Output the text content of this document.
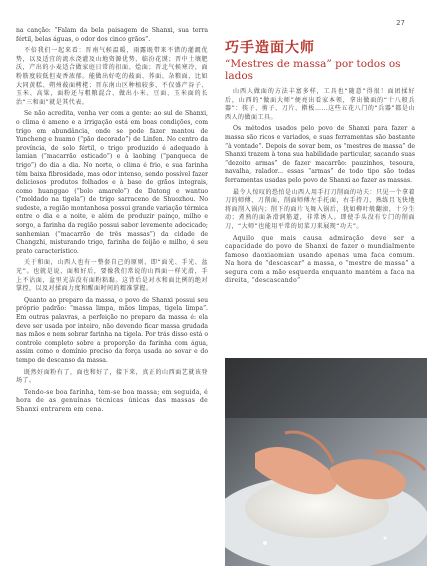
27

na canção: “Falam da bela paisagem de Shanxi, sua terra fértil, belas águas, o odor dos cinco grãos”.

不倍我们一起来看：晋南气候温暖，雨露既带来不错的灌溉优势，以及适宜的流水浇灌及山地资源优势、临汾花馍；晋中土壤肥沃，产出的小麦适合做家庭日常的扣面、烩面；晋北气候寒冷，面粉筋度较低但麦香浓郁。能做出好吃的莜面、荞面、杂粮面，比如大同黄糕、朔州莜面栲栳；晋东南山区种植较多，不仅盛产谷子、玉米、高粱，面粉还与粗粮混合，做出小米、豆面、玉米面的长治“三和面”就是其代表。

Se não acredita, venha ver com a gente: ao sul de Shanxi, o clima é ameno e a irrigação está em boas condições, com trigo em abundância, onde se pode fazer mantou de Yuncheng e huamo (“pão decorado”) de Linfen. No centro da província, de solo fértil, o trigo produzido é adequado à lamian (“macarrão esticado”) e à laobing (“panqueca de trigo”) do dia a dia. No norte, o clima é frio, e sua farinha têm baixa fibrosidade, mas odor intenso, sendo possível fazer deliciosos produtos folhados e à base de grãos integrais, como huanggao (“bolo amarelo”) de Datong e wantuo (“moldado na tigela”) de trigo sarraceno de Shuozhou. No sudeste, a região montanhosa possui grande variação térmica entre o dia e a noite, e além de produzir painço, milho e sorgo, a farinha da região possui sabor levemente adocicado; sanhemian (“macarrão de três massas”) da cidade de Changzhi, misturando trigo, farinha de feijão e milho, é seu prato característico.

关于和面，山西人也有一整套自己的原则，即“面光、手光、盆光”。也就是说，面和好后，要像我们常说的山西面一样光滑，手上不沾面，盆里光洁没有面粉粘黏。这背后是对水和面比例的绝对掌控，以及对揉面力度和醒面时间的精准掌握。

Quanto ao preparo da massa, o povo de Shanxi possui seu próprio padrão: “massa limpa, mãos limpas, tigela limpa”. Em outras palavras, a perfeição no preparo da massa é: ela deve ser usada por inteiro, não devendo ficar massa grudada nas mãos e nem sobrar farinha na tigela. Por trás disso está o controle completo sobre a proporção da farinha com água, assim como o domínio preciso da força usada ao sovar e do tempo de descanso da massa.

既然好面粉有了，面也和好了，接下来，真正的山西面艺就该登场了。

Tendo-se boa farinha, tem-se boa massa; em seguida, é hora de as genuínas técnicas únicas das massas de Shanxi entrarem em cena.

巧手造面大师
“Mestres de massa” por todos os lados

山西人做面的方法丰富多样，工具也“随意”得很！面团揉好后，山西的“做面大师”便亮出看家本领，拿出做面的“十八般兵器”：筷子、剪子、刀片、擀板……这些五花八门的“兵器”都是山西人的做面工具。

Os métodos usados pelo povo de Shanxi para fazer a massa são ricos e variados, e suas ferramentas são bastante “à vontade”. Depois de sovar bem, os “mestres de massa” de Shanxi trazem à tona sua habilidade particular, sacando suas “dezoito armas” de fazer macarrão: pauzinhos, tesoura, navalha, ralador... essas “armas” de todo tipo são todas ferramentas usadas pelo povo de Shanxi ao fazer as massas.

最令人惊叹的恐怕是山西人用手打刀削面的功夫：只见一个拿着刀的师傅，刀削面，削面师傅左手托面，右手持刀，熟练且飞快地将面削入锅内；削下的面片飞舞入锅后，犹如柳叶般翻滚，十分生动；煮熟的面条滑润筋道，非常诱人。即使手头没有专门的削面刀，“大师”也能用平常的切菜刀来展现“功夫”。

Aquilo que mais causa admiração deve ser a capacidade do povo de Shanxi de fazer o mundialmente famoso daoxiaomian usando apenas uma faca comum. Na hora de “descascar” a massa, o “mestre de massa” a segura com a mão esquerda enquanto mantém a faca na direita, “descascando”
